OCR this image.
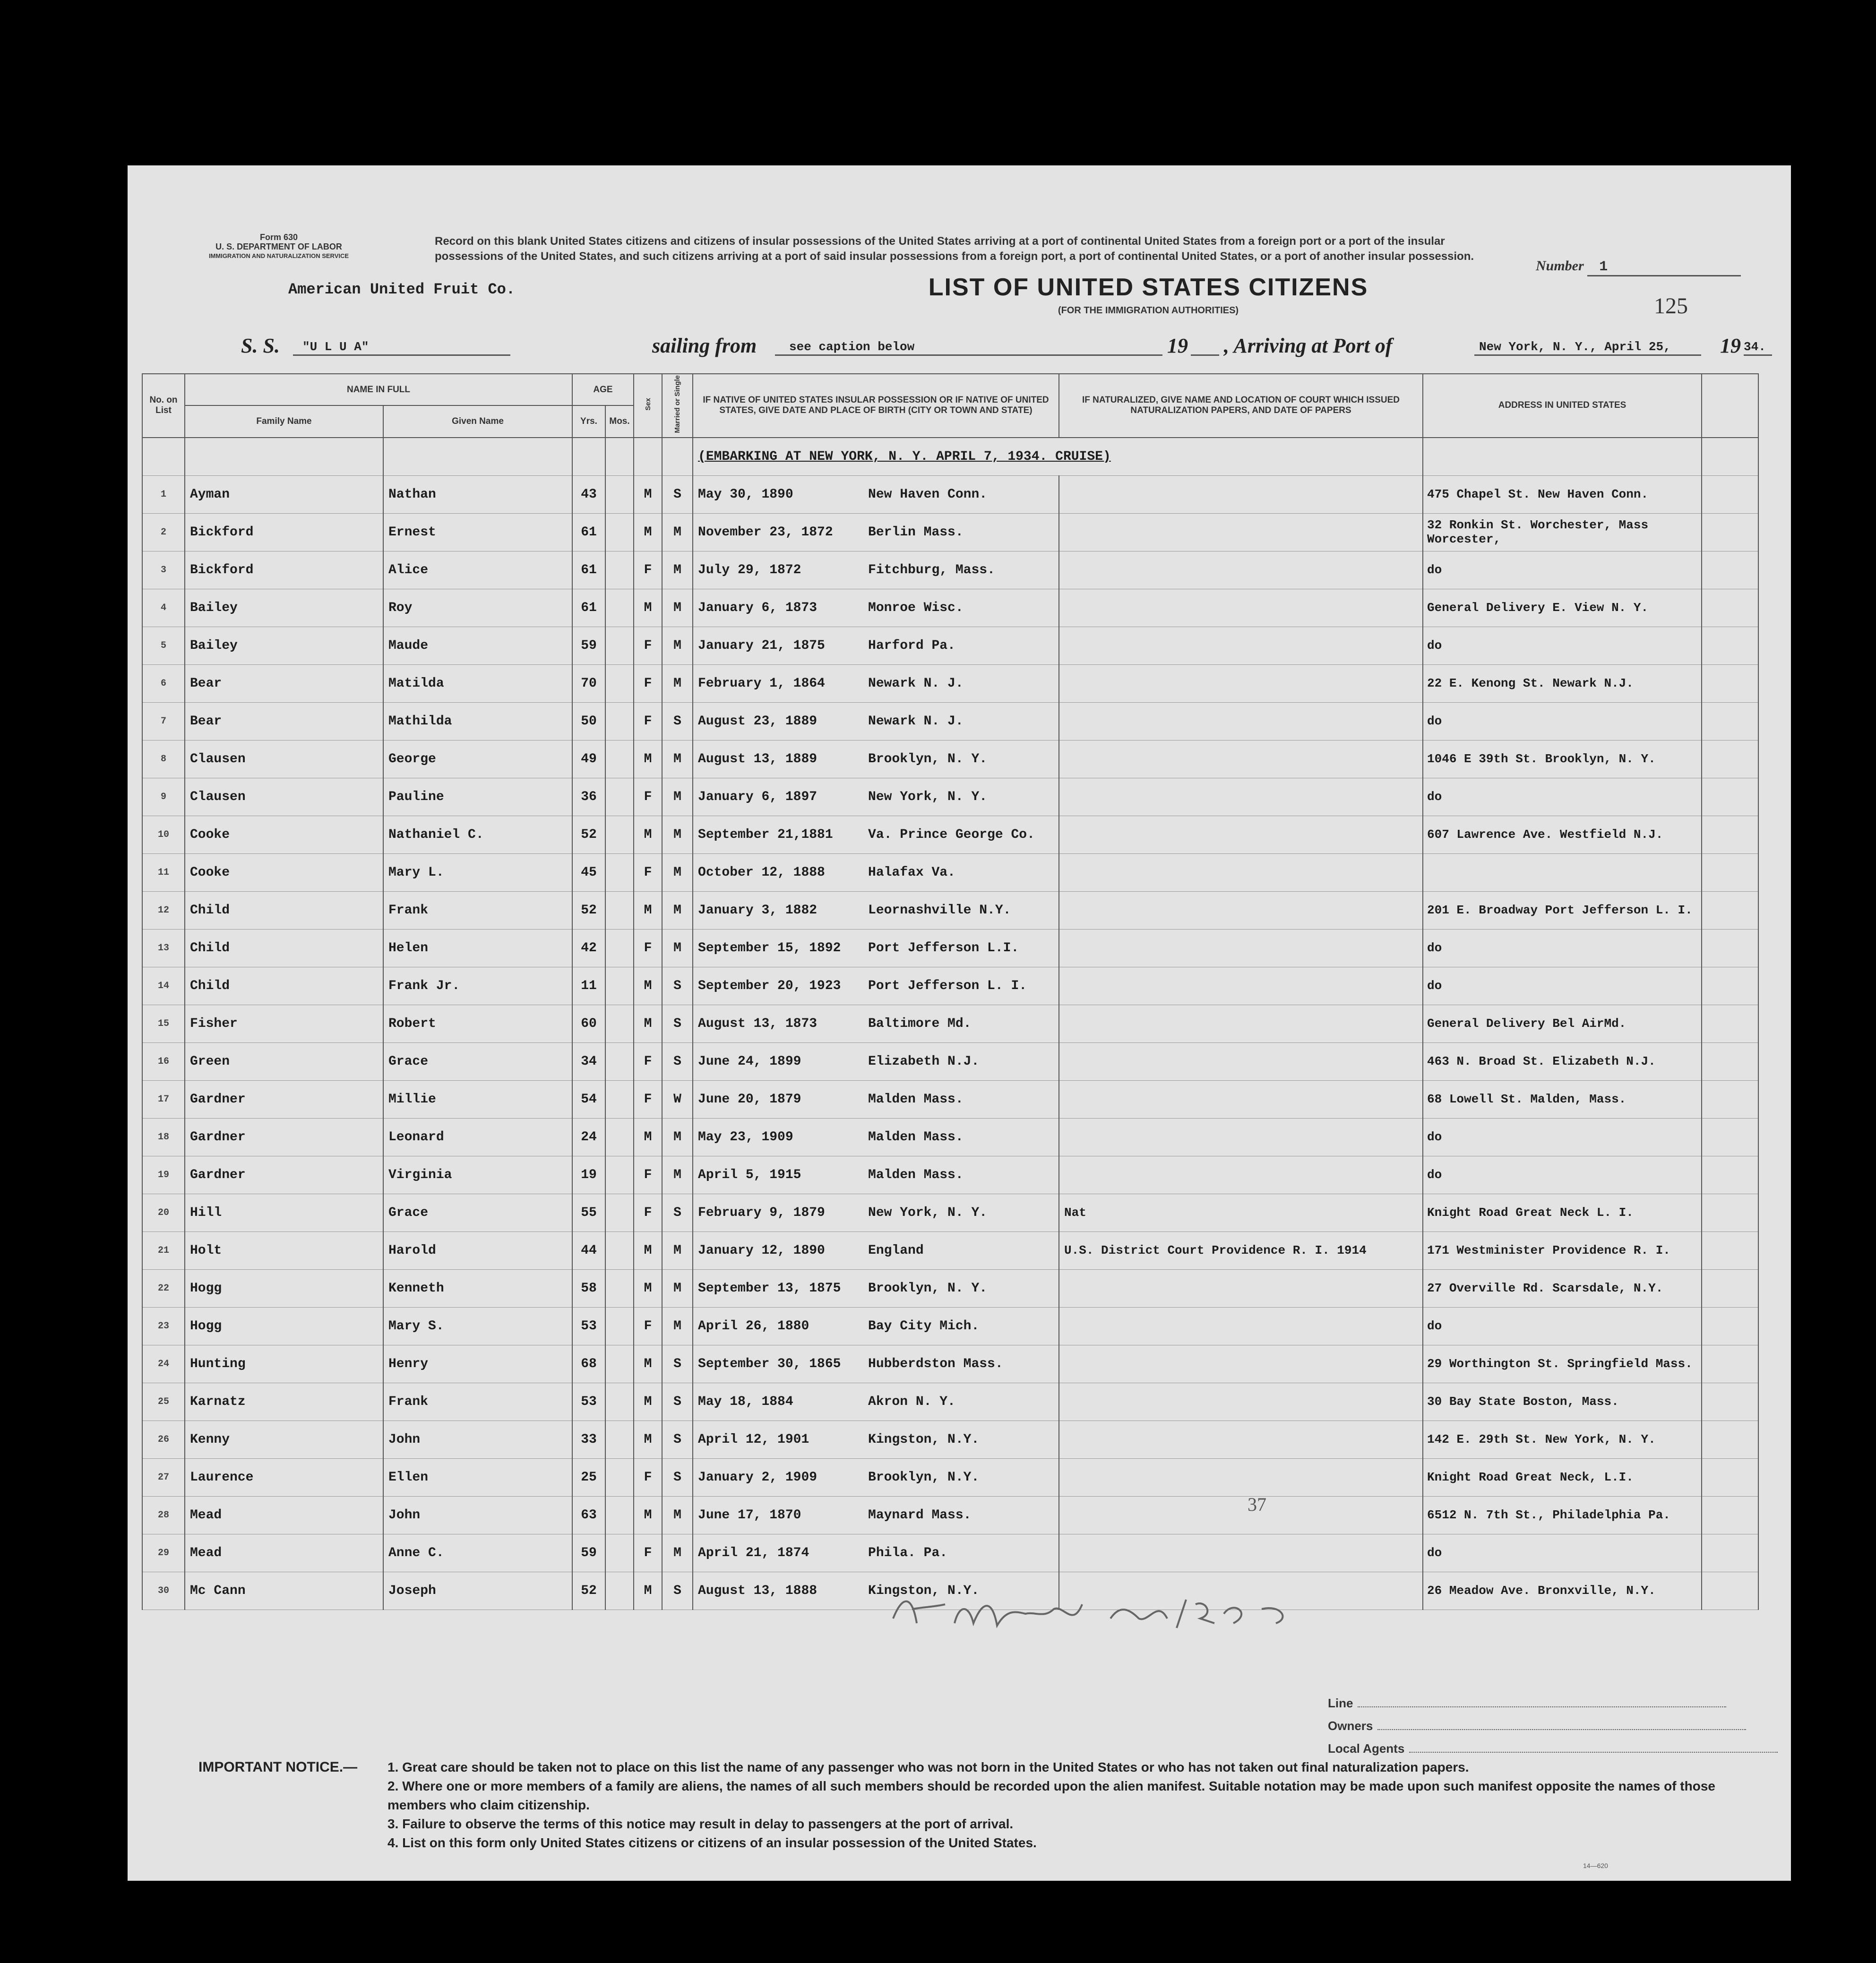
Form 630
U. S. DEPARTMENT OF LABOR
IMMIGRATION AND NATURALIZATION SERVICE
Record on this blank United States citizens and citizens of insular possessions of the United States arriving at a port of continental United States from a foreign port or a port of the insular possessions of the United States, and such citizens arriving at a port of said insular possessions from a foreign port, a port of continental United States, or a port of another insular possession.
Number 1
125
American United Fruit Co.	LIST OF UNITED STATES CITIZENS
(FOR THE IMMIGRATION AUTHORITIES)
S. S.	"U L U A"	sailing from	see caption below	19 , Arriving at Port of	New York, N. Y., April 25,	19 34.
No. on List	NAME IN FULL		AGE		Sex	Married or Single	IF NATIVE OF UNITED STATES INSULAR POSSESSION OR IF NATIVE OF UNITED STATES, GIVE DATE AND PLACE OF BIRTH (CITY OR TOWN AND STATE)	IF NATURALIZED, GIVE NAME AND LOCATION OF COURT WHICH ISSUED NATURALIZATION PAPERS, AND DATE OF PAPERS	ADDRESS IN UNITED STATES	
	Family Name	Given Name	Yrs.	Mos.						
							(EMBARKING AT NEW YORK, N. Y. APRIL 7, 1934. CRUISE)			
1	Ayman	Nathan	43		M	S	May 30, 1890 New Haven Conn.		475 Chapel St. New Haven Conn.	
2	Bickford	Ernest	61		M	M	November 23, 1872 Berlin Mass.		32 Ronkin St. Worchester, Mass Worcester,	
3	Bickford	Alice	61		F	M	July 29, 1872 Fitchburg, Mass.		do	
4	Bailey	Roy	61		M	M	January 6, 1873 Monroe Wisc.		General Delivery E. View N. Y.	
5	Bailey	Maude	59		F	M	January 21, 1875 Harford Pa.		do	
6	Bear	Matilda	70		F	M	February 1, 1864 Newark N. J.		22 E. Kenong St. Newark N.J.	
7	Bear	Mathilda	50		F	S	August 23, 1889 Newark N. J.		do	
8	Clausen	George	49		M	M	August 13, 1889 Brooklyn, N. Y.		1046 E 39th St. Brooklyn, N. Y.	
9	Clausen	Pauline	36		F	M	January 6, 1897 New York, N. Y.		do	
10	Cooke	Nathaniel C.	52		M	M	September 21,1881 Va. Prince George Co.		607 Lawrence Ave. Westfield N.J.	
11	Cooke	Mary L.	45		F	M	October 12, 1888 Halafax Va.			
12	Child	Frank	52		M	M	January 3, 1882 Leornashville N.Y.		201 E. Broadway Port Jefferson L. I.	
13	Child	Helen	42		F	M	September 15, 1892 Port Jefferson L.I.		do	
14	Child	Frank Jr.	11		M	S	September 20, 1923 Port Jefferson L. I.		do	
15	Fisher	Robert	60		M	S	August 13, 1873 Baltimore Md.		General Delivery Bel AirMd.	
16	Green	Grace	34		F	S	June 24, 1899 Elizabeth N.J.		463 N. Broad St. Elizabeth N.J.	
17	Gardner	Millie	54		F	W	June 20, 1879 Malden Mass.		68 Lowell St. Malden, Mass.	
18	Gardner	Leonard	24		M	M	May 23, 1909 Malden Mass.		do	
19	Gardner	Virginia	19		F	M	April 5, 1915 Malden Mass.		do	
20	Hill	Grace	55		F	S	February 9, 1879 New York, N. Y.	Nat	Knight Road Great Neck L. I.	
21	Holt	Harold	44		M	M	January 12, 1890 England	U.S. District Court Providence R. I. 1914	171 Westminister Providence R. I.	
22	Hogg	Kenneth	58		M	M	September 13, 1875 Brooklyn, N. Y.		27 Overville Rd. Scarsdale, N.Y.	
23	Hogg	Mary S.	53		F	M	April 26, 1880 Bay City Mich.		do	
24	Hunting	Henry	68		M	S	September 30, 1865 Hubberdston Mass.		29 Worthington St. Springfield Mass.	
25	Karnatz	Frank	53		M	S	May 18, 1884 Akron N. Y.		30 Bay State Boston, Mass.	
26	Kenny	John	33		M	S	April 12, 1901 Kingston, N.Y.		142 E. 29th St. New York, N. Y.	
27	Laurence	Ellen	25		F	S	January 2, 1909 Brooklyn, N.Y.		Knight Road Great Neck, L.I.	
28	Mead	John	63		M	M	June 17, 1870 Maynard Mass.		6512 N. 7th St., Philadelphia Pa.	
29	Mead	Anne C.	59		F	M	April 21, 1874 Phila. Pa.		do	
30	Mc Cann	Joseph	52		M	S	August 13, 1888 Kingston, N.Y.		26 Meadow Ave. Bronxville, N.Y.	
37
Line
Owners
Local Agents
IMPORTANT NOTICE.— 1. Great care should be taken not to place on this list the name of any passenger who was not born in the United States or who has not taken out final naturalization papers.
2. Where one or more members of a family are aliens, the names of all such members should be recorded upon the alien manifest. Suitable notation may be made upon such manifest opposite the names of those members who claim citizenship.
3. Failure to observe the terms of this notice may result in delay to passengers at the port of arrival.
4. List on this form only United States citizens or citizens of an insular possession of the United States.
14—620
